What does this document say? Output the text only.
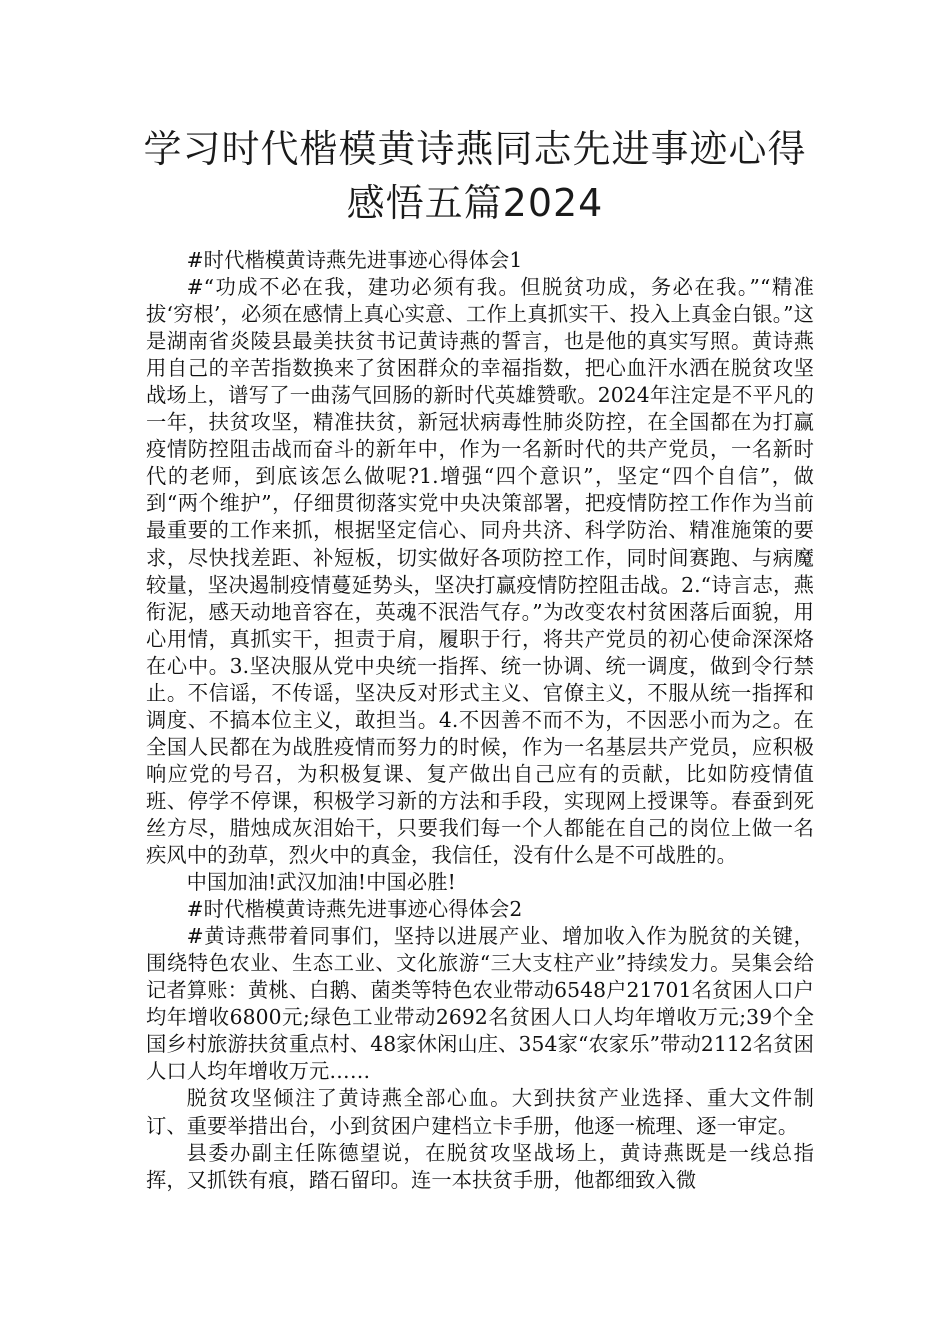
学习时代楷模黄诗燕同志先进事迹心得
感悟五篇2024

#时代楷模黄诗燕先进事迹心得体会1

#“功成不必在我，建功必须有我。但脱贫功成，务必在我。”“精准拔‘穷根’，必须在感情上真心实意、工作上真抓实干、投入上真金白银。”这是湖南省炎陵县最美扶贫书记黄诗燕的誓言，也是他的真实写照。黄诗燕用自己的辛苦指数换来了贫困群众的幸福指数，把心血汗水洒在脱贫攻坚战场上，谱写了一曲荡气回肠的新时代英雄赞歌。2024年注定是不平凡的一年，扶贫攻坚，精准扶贫，新冠状病毒性肺炎防控，在全国都在为打赢疫情防控阻击战而奋斗的新年中，作为一名新时代的共产党员，一名新时代的老师，到底该怎么做呢?1.增强“四个意识”，坚定“四个自信”，做到“两个维护”，仔细贯彻落实党中央决策部署，把疫情防控工作作为当前最重要的工作来抓，根据坚定信心、同舟共济、科学防治、精准施策的要求，尽快找差距、补短板，切实做好各项防控工作，同时间赛跑、与病魔较量，坚决遏制疫情蔓延势头，坚决打赢疫情防控阻击战。2.“诗言志，燕衔泥，感天动地音容在，英魂不泯浩气存。”为改变农村贫困落后面貌，用心用情，真抓实干，担责于肩，履职于行，将共产党员的初心使命深深烙在心中。3.坚决服从党中央统一指挥、统一协调、统一调度，做到令行禁止。不信谣，不传谣，坚决反对形式主义、官僚主义，不服从统一指挥和调度、不搞本位主义，敢担当。4.不因善不而不为，不因恶小而为之。在全国人民都在为战胜疫情而努力的时候，作为一名基层共产党员，应积极响应党的号召，为积极复课、复产做出自己应有的贡献，比如防疫情值班、停学不停课，积极学习新的方法和手段，实现网上授课等。春蚕到死丝方尽，腊烛成灰泪始干，只要我们每一个人都能在自己的岗位上做一名疾风中的劲草，烈火中的真金，我信任，没有什么是不可战胜的。

中国加油!武汉加油!中国必胜!

#时代楷模黄诗燕先进事迹心得体会2

#黄诗燕带着同事们，坚持以进展产业、增加收入作为脱贫的关键，围绕特色农业、生态工业、文化旅游“三大支柱产业”持续发力。吴集会给记者算账：黄桃、白鹅、菌类等特色农业带动6548户21701名贫困人口户均年增收6800元;绿色工业带动2692名贫困人口人均年增收万元;39个全国乡村旅游扶贫重点村、48家休闲山庄、354家“农家乐”带动2112名贫困人口人均年增收万元……

脱贫攻坚倾注了黄诗燕全部心血。大到扶贫产业选择、重大文件制订、重要举措出台，小到贫困户建档立卡手册，他逐一梳理、逐一审定。

县委办副主任陈德望说，在脱贫攻坚战场上，黄诗燕既是一线总指挥，又抓铁有痕，踏石留印。连一本扶贫手册，他都细致入微
